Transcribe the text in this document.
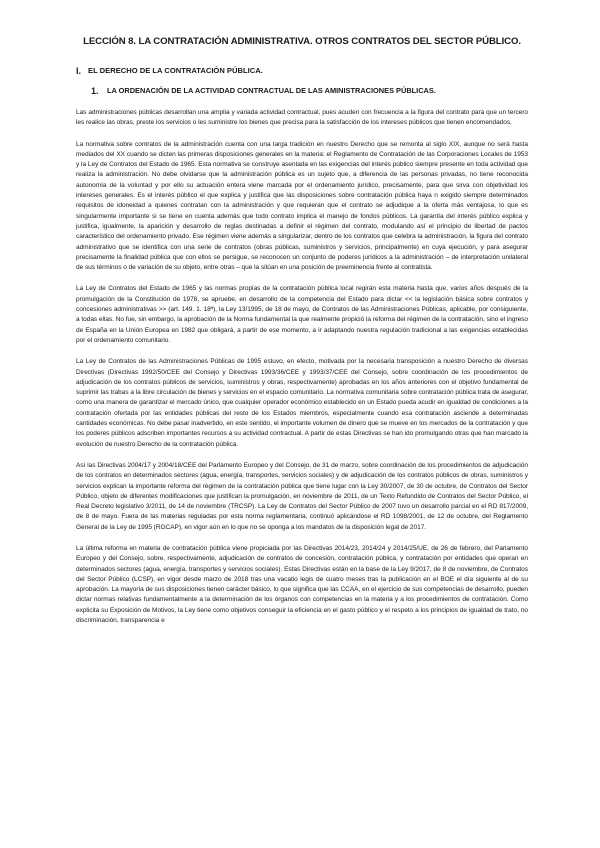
LECCIÓN 8. LA CONTRATACIÓN ADMINISTRATIVA. OTROS CONTRATOS DEL SECTOR PÚBLICO.
I. EL DERECHO DE LA CONTRATACIÓN PÚBLICA.
1.	LA ORDENACIÓN DE LA ACTIVIDAD CONTRACTUAL DE LAS AMINISTRACIONES PÚBLICAS.

Las administraciones públicas desarrollan una amplia y variada actividad contractual, pues acuden con frecuencia a la figura del contrato para que un tercero les realice las obras, preste los servicios o les suministre los bienes que precisa para la satisfacción de los intereses públicos que tienen encomendados.

La normativa sobre contratos de la administración cuenta con una larga tradición en nuestro Derecho que se remonta al siglo XIX, aunque no será hasta mediados del XX cuando se dicten las primeras disposiciones generales en la materia: el Reglamento de Contratación de las Corporaciones Locales de 1953 y la Ley de Contratos del Estado de 1965. Esta normativa se construye asentada en las exigencias del interés público siempre presente en toda actividad que realiza la administración. No debe olvidarse que la administración pública es un sujeto que, a diferencia de las personas privadas, no tiene reconocida autonomía de la voluntad y por ello su actuación entera viene marcada por el ordenamiento jurídico, precisamente, para que sirva con objetividad los intereses generales. Es el interés público el que explica y justifica que las disposiciones sobre contratación pública haya n exigido siempre determinados requisitos de idoneidad a quienes contratan con la administración y que requieran que el contrato se adjudique a la oferta más ventajosa, lo que es singularmente importante si se tiene en cuenta además que todo contrato implica el manejo de fondos públicos. La garantía del interés público explica y justifica, igualmente, la aparición y desarrollo de reglas destinadas a definir el régimen del contrato, modulando así el principio de libertad de pactos característico del ordenamiento privado. Ese régimen viene además a singularizar, dentro de los contratos que celebra la administración, la figura del contrato administrativo que se identifica con una serie de contratos (obras públicas, suministros y servicios, principalmente) en cuya ejecución, y para asegurar precisamente la finalidad pública que con ellos se persigue, se reconocen un conjunto de poderes jurídicos a la administración – de interpretación unilateral de sus términos o de variación de su objeto, entre otras – que la sitúan en una posición de preeminencia frente al contratista.

La Ley de Contratos del Estado de 1965 y las normas propias de la contratación pública local regirán esta materia hasta que, varios años después de la promulgación de la Constitución de 1978, se apruebe, en desarrollo de la competencia del Estado para dictar << la legislación básica sobre contratos y concesiones administrativas >> (art. 149. 1. 18ª), la Ley 13/1995, de 18 de mayo, de Contratos de las Administraciones Públicas, aplicable, por consiguiente, a todas ellas. No fue, sin embargo, la aprobación de la Norma fundamental la que realmente propició la reforma del régimen de la contratación, sino el ingreso de España en la Unión Europea en 1982 que obligará, a partir de ese momento, a ir adaptando nuestra regulación tradicional a las exigencias establecidas por el ordenamiento comunitario.

La Ley de Contratos de las Administraciones Públicas de 1995 estuvo, en efecto, motivada por la necesaria transposición a nuestro Derecho de diversas Directivas (Directivas 1992/50/CEE del Consejo y Directivas 1993/36/CEE y 1993/37/CEE del Consejo, sobre coordinación de los procedimientos de adjudicación de los contratos públicos de servicios, suministros y obras, respectivamente) aprobadas en los años anteriores con el objetivo fundamental de suprimir las trabas a la libre circulación de bienes y servicios en el espacio comunitario. La normativa comunitaria sobre contratación pública trata de asegurar, como una manera de garantizar el mercado único, que cualquier operador económico establecido en un Estado pueda acudir en igualdad de condiciones a la contratación ofertada por las entidades públicas del resto de los Estados miembros, especialmente cuando esa contratación asciende a determinadas cantidades económicas. No debe pasar inadvertido, en este sentido, el importante volumen de dinero que se mueve en los mercados de la contratación y que los poderes públicos adscriben importantes recursos a su actividad contractual. A partir de estas Directivas se han ido promulgando otras que han marcado la evolución de nuestro Derecho de la contratación pública.

Así las Directivas 2004/17 y 2004/18/CEE del Parlamento Europeo y del Consejo, de 31 de marzo, sobre coordinación de los procedimientos de adjudicación de los contratos en determinados sectores (agua, energía, transportes, servicios sociales) y de adjudicación de los contratos públicos de obras, suministros y servicios explican la importante reforma del régimen de la contratación pública que tiene lugar con la Ley 30/2007, de 30 de octubre, de Contratos del Sector Público, objeto de diferentes modificaciones que justifican la promulgación, en noviembre de 2011, de un Texto Refundido de Contratos del Sector Público, el Real Decreto legislativo 3/2011, de 14 de noviembre (TRCSP). La Ley de Contratos del Sector Público de 2007 tuvo un desarrollo parcial en el RD 817/2009, de 8 de mayo. Fuera de las materias reguladas por esta norma reglamentaria, continuó aplicándose el RD 1098/2001, de 12 de octubre, del Reglamento General de la Ley de 1995 (RGCAP), en vigor aún en lo que no se oponga a los mandatos de la disposición legal de 2017.

La última reforma en materia de contratación pública viene propiciada por las Directivas 2014/23, 2014/24 y 2014/25/UE, de 26 de febrero, del Parlamento Europeo y del Consejo, sobre, respectivamente, adjudicación de contratos de concesión, contratación pública, y contratación por entidades que operan en determinados sectores (agua, energía, transportes y servicios sociales). Estas Directivas están en la base de la Ley 9/2017, de 8 de noviembre, de Contratos del Sector Público (LCSP), en vigor desde marzo de 2018 tras una vacatio legis de cuatro meses tras la publicación en el BOE el día siguiente al de su aprobación. La mayoría de sus disposiciones tienen carácter básico, lo que significa que las CCAA, en el ejercicio de sus competencias de desarrollo, pueden dictar normas relativas fundamentalmente a la determinación de los órganos con competencias en la materia y a los procedimientos de contratación. Como explicita su Exposición de Motivos, la Ley tiene como objetivos conseguir la eficiencia en el gasto público y el respeto a los principios de igualdad de trato, no discriminación, transparencia e
